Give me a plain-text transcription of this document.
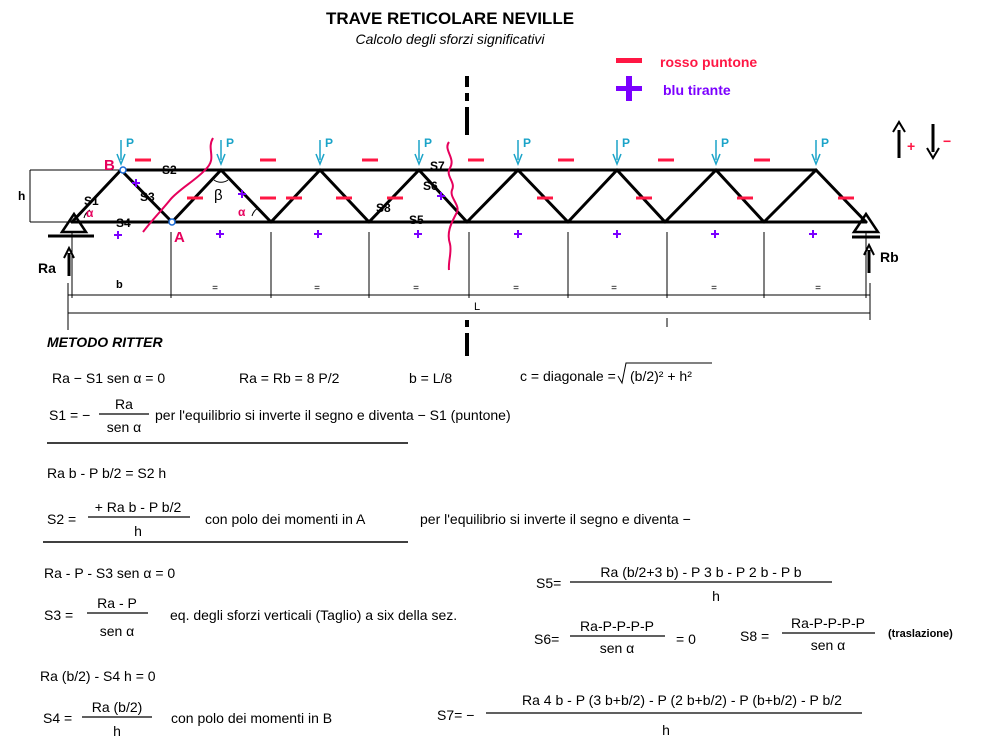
TRAVE RETICOLARE NEVILLE
Calcolo degli sforzi significativi
rosso puntone
blu tirante
+ −
P	P	P	P	P	P	P	P
b
L
=	=	=	=	=	=	=
Ra
Rb
h
B
A
α	α
β
S1
S2
S3
S4	S5
S6
S7
S8
METODO RITTER
Ra − S1 sen α = 0	Ra = Rb = 8 P/2	b = L/8	c = diagonale = (b/2)² + h²
S1 = −
Ra
sen α
per l'equilibrio si inverte il segno e diventa − S1 (puntone)
Ra b - P b/2 = S2 h
S2 =
+ Ra b - P b/2
h
con polo dei momenti in A	per l'equilibrio si inverte il segno e diventa −
Ra - P - S3 sen α = 0
S3 =
Ra - P
sen α
eq. degli sforzi verticali (Taglio) a six della sez.
Ra (b/2) - S4 h = 0
S4 =
Ra (b/2)
h
con polo dei momenti in B
S5=
Ra (b/2+3 b) - P 3 b - P 2 b - P b
h
S6=
Ra-P-P-P-P
sen α
= 0	S8 =
Ra-P-P-P-P
sen α
(traslazione)
S7= −
Ra 4 b - P (3 b+b/2) - P (2 b+b/2) - P (b+b/2) - P b/2
h
